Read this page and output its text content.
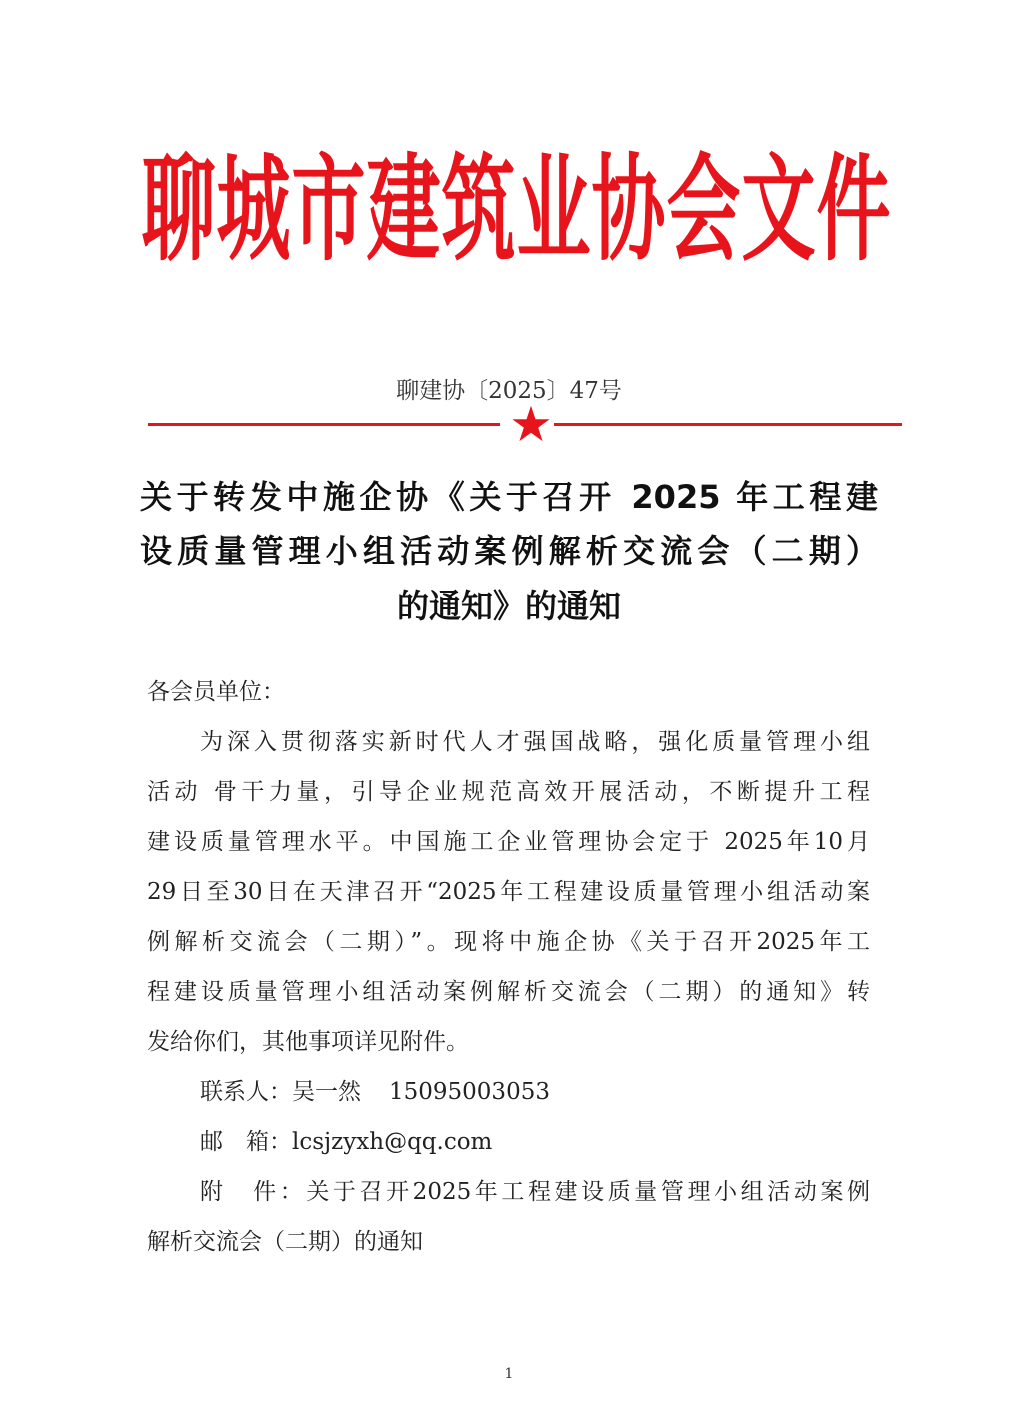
聊城市建筑业协会文件
聊建协〔2025〕47号
关于转发中施企协《关于召开 2025 年工程建
设质量管理小组活动案例解析交流会（二期）
的通知》的通知
各会员单位：
为深入贯彻落实新时代人才强国战略，强化质量管理小组
活动 骨干力量，引导企业规范高效开展活动，不断提升工程
建设质量管理水平。中国施工企业管理协会定于 2025年10月
29日至30日在天津召开“2025年工程建设质量管理小组活动案
例解析交流会（二期）”。现将中施企协《关于召开2025年工
程建设质量管理小组活动案例解析交流会（二期）的通知》转
发给你们，其他事项详见附件。
联系人：吴一然 15095003053
邮　箱：lcsjzyxh@qq.com
附　件：关于召开2025年工程建设质量管理小组活动案例
解析交流会（二期）的通知
1
